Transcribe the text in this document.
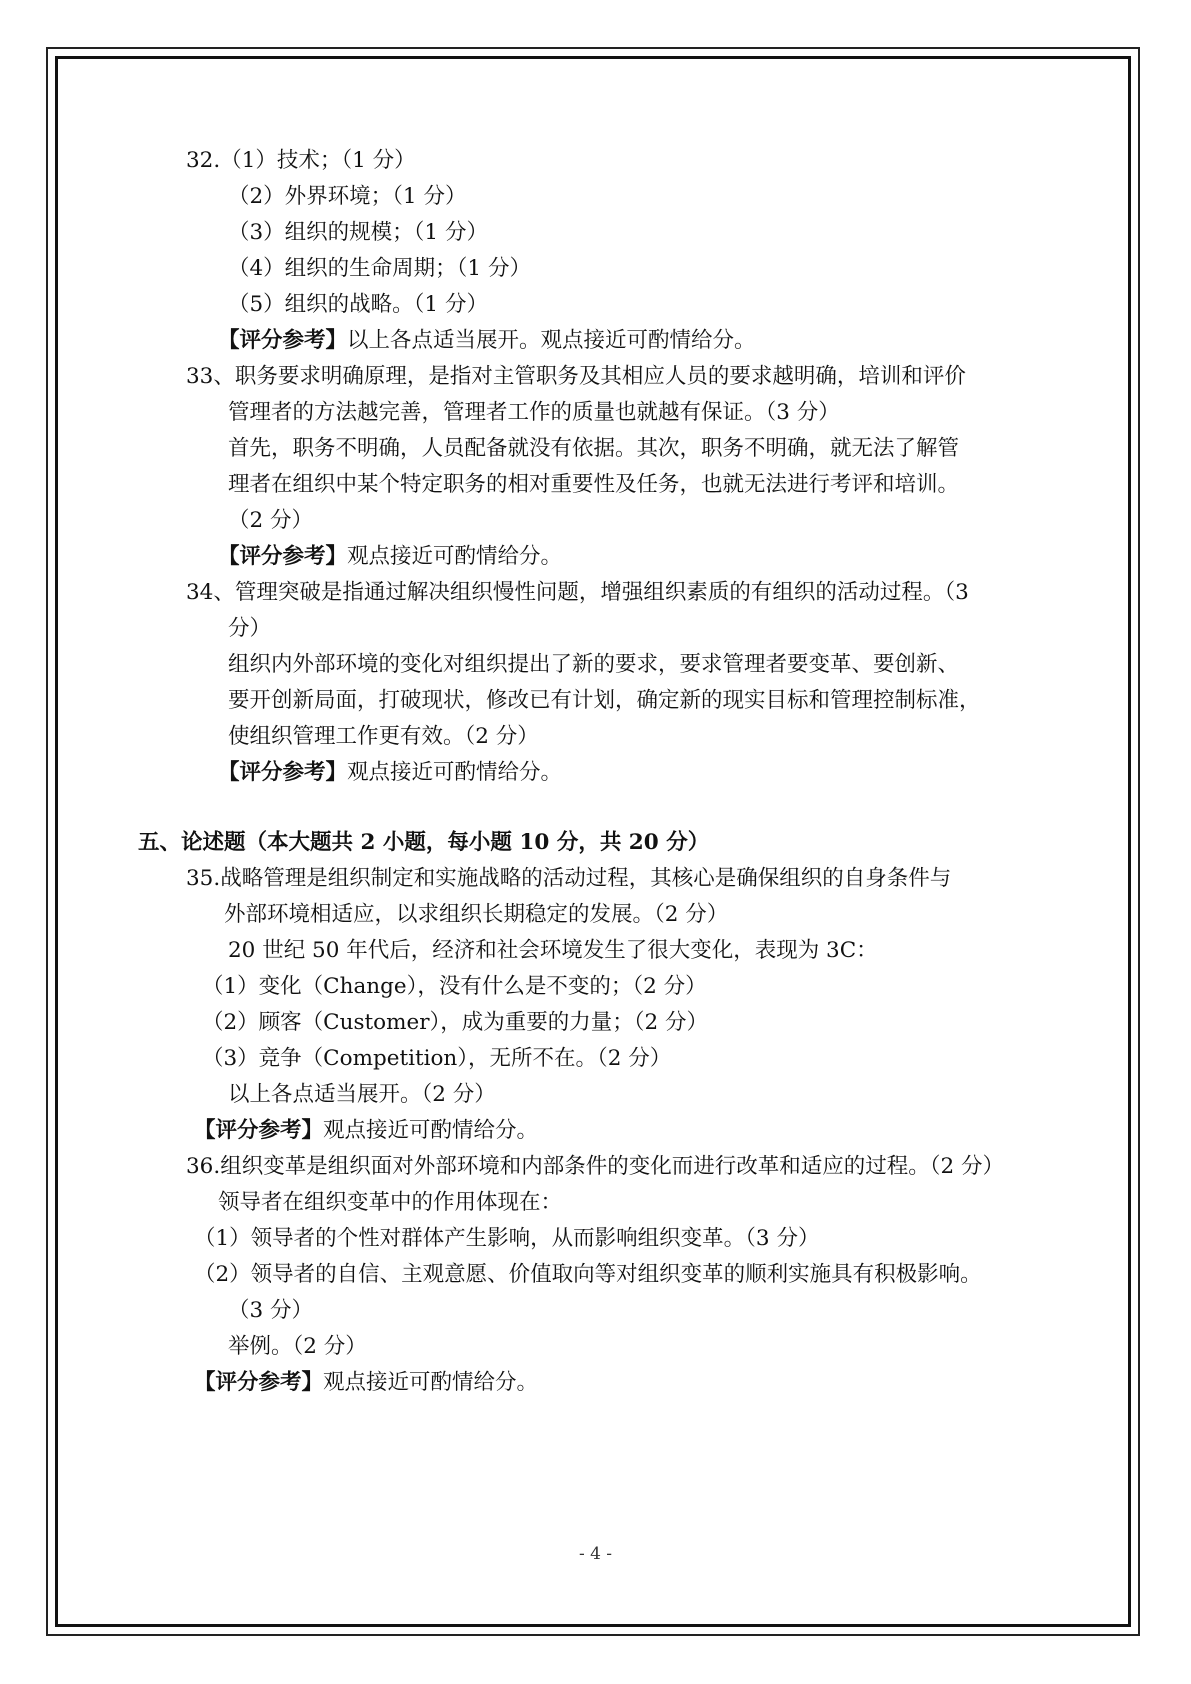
32.（1）技术；（1 分）
（2）外界环境；（1 分）
（3）组织的规模；（1 分）
（4）组织的生命周期；（1 分）
（5）组织的战略。（1 分）
【评分参考】以上各点适当展开。观点接近可酌情给分。
33、职务要求明确原理，是指对主管职务及其相应人员的要求越明确，培训和评价
管理者的方法越完善，管理者工作的质量也就越有保证。（3 分）
首先，职务不明确，人员配备就没有依据。其次，职务不明确，就无法了解管
理者在组织中某个特定职务的相对重要性及任务，也就无法进行考评和培训。
（2 分）
【评分参考】观点接近可酌情给分。
34、管理突破是指通过解决组织慢性问题，增强组织素质的有组织的活动过程。（3
分）
组织内外部环境的变化对组织提出了新的要求，要求管理者要变革、要创新、
要开创新局面，打破现状，修改已有计划，确定新的现实目标和管理控制标准，
使组织管理工作更有效。（2 分）
【评分参考】观点接近可酌情给分。
五、论述题（本大题共 2 小题，每小题 10 分，共 20 分）
35.战略管理是组织制定和实施战略的活动过程，其核心是确保组织的自身条件与
外部环境相适应，以求组织长期稳定的发展。（2 分）
20 世纪 50 年代后，经济和社会环境发生了很大变化，表现为 3C：
（1）变化（Change），没有什么是不变的；（2 分）
（2）顾客（Customer），成为重要的力量；（2 分）
（3）竞争（Competition），无所不在。（2 分）
以上各点适当展开。（2 分）
【评分参考】观点接近可酌情给分。
36.组织变革是组织面对外部环境和内部条件的变化而进行改革和适应的过程。（2 分）
领导者在组织变革中的作用体现在：
（1）领导者的个性对群体产生影响，从而影响组织变革。（3 分）
（2）领导者的自信、主观意愿、价值取向等对组织变革的顺利实施具有积极影响。
（3 分）
举例。（2 分）
【评分参考】观点接近可酌情给分。
- 4 -
